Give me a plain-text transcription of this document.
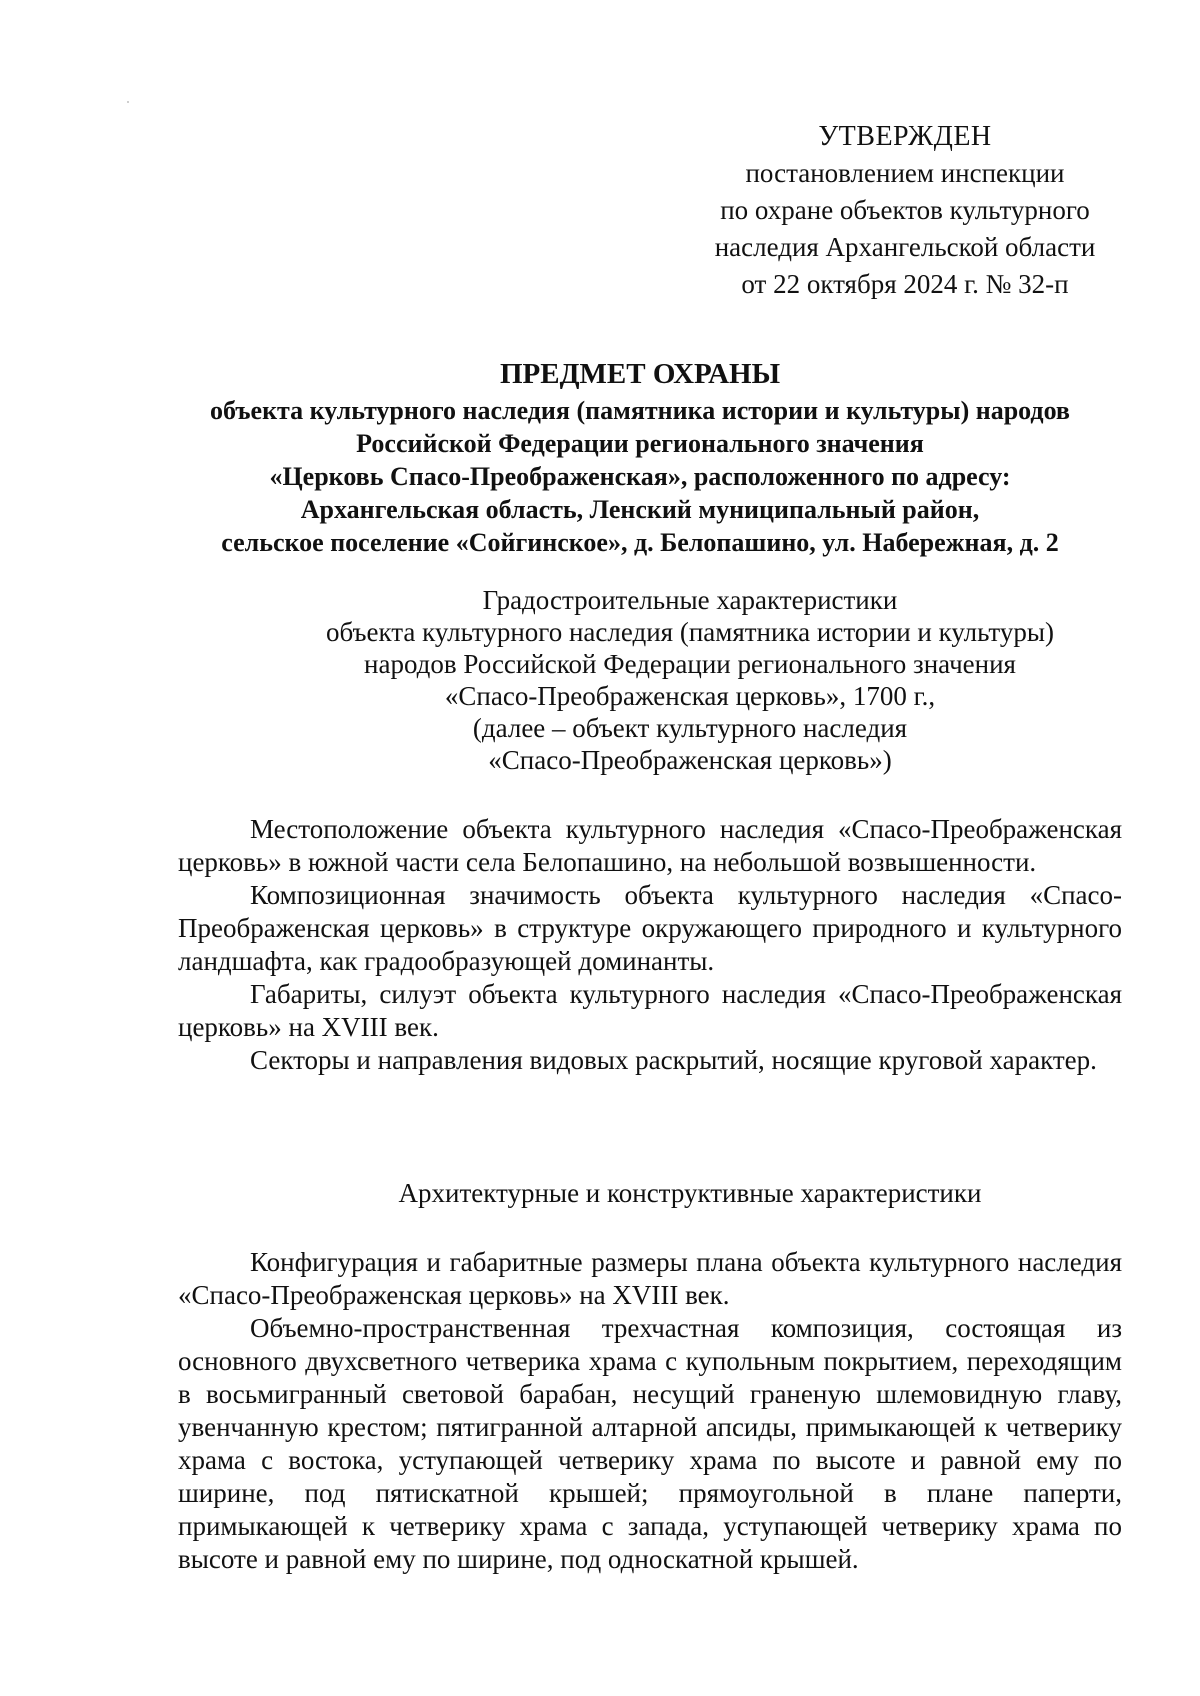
УТВЕРЖДЕН
постановлением инспекции
по охране объектов культурного
наследия Архангельской области
от 22 октября 2024 г. № 32-п
ПРЕДМЕТ ОХРАНЫ
объекта культурного наследия (памятника истории и культуры) народов
Российской Федерации регионального значения
«Церковь Спасо-Преображенская», расположенного по адресу:
Архангельская область, Ленский муниципальный район,
сельское поселение «Сойгинское», д. Белопашино, ул. Набережная, д. 2
Градостроительные характеристики
объекта культурного наследия (памятника истории и культуры)
народов Российской Федерации регионального значения
«Спасо-Преображенская церковь», 1700 г.,
(далее – объект культурного наследия
«Спасо-Преображенская церковь»)

Местоположение объекта культурного наследия «Спасо-Преображенская церковь» в южной части села Белопашино, на небольшой возвышенности.

Композиционная значимость объекта культурного наследия «Спасо-Преображенская церковь» в структуре окружающего природного и культурного ландшафта, как градообразующей доминанты.

Габариты, силуэт объекта культурного наследия «Спасо-Преображенская церковь» на XVIII век.

Секторы и направления видовых раскрытий, носящие круговой характер.

Архитектурные и конструктивные характеристики

Конфигурация и габаритные размеры плана объекта культурного наследия «Спасо-Преображенская церковь» на XVIII век.

Объемно-пространственная трехчастная композиция, состоящая из основного двухсветного четверика храма с купольным покрытием, переходящим в восьмигранный световой барабан, несущий граненую шлемовидную главу, увенчанную крестом; пятигранной алтарной апсиды, примыкающей к четверику храма с востока, уступающей четверику храма по высоте и равной ему по ширине, под пятискатной крышей; прямоугольной в плане паперти, примыкающей к четверику храма с запада, уступающей четверику храма по высоте и равной ему по ширине, под односкатной крышей.
